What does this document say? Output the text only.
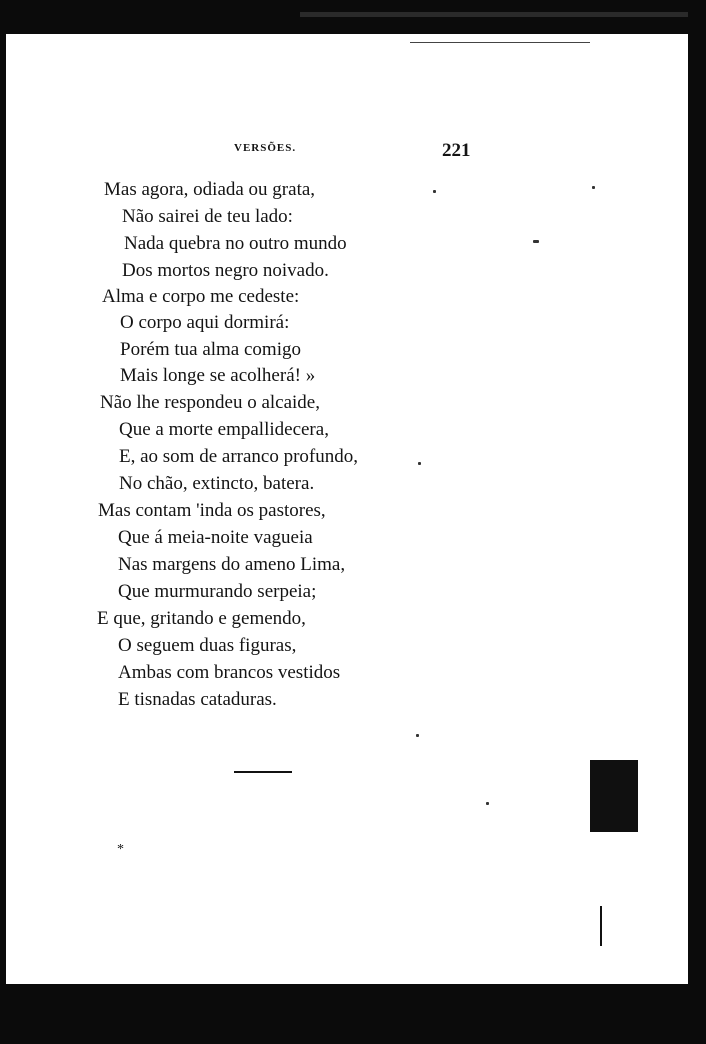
VERSÕES.	221
Mas agora, odiada ou grata,
Não sairei de teu lado:
Nada quebra no outro mundo
Dos mortos negro noivado.
Alma e corpo me cedeste:
O corpo aqui dormirá:
Porém tua alma comigo
Mais longe se acolherá! »
Não lhe respondeu o alcaide,
Que a morte empallidecera,
E, ao som de arranco profundo,
No chão, extincto, batera.
Mas contam 'inda os pastores,
Que á meia-noite vagueia
Nas margens do ameno Lima,
Que murmurando serpeia;
E que, gritando e gemendo,
O seguem duas figuras,
Ambas com brancos vestidos
E tisnadas cataduras.
*
